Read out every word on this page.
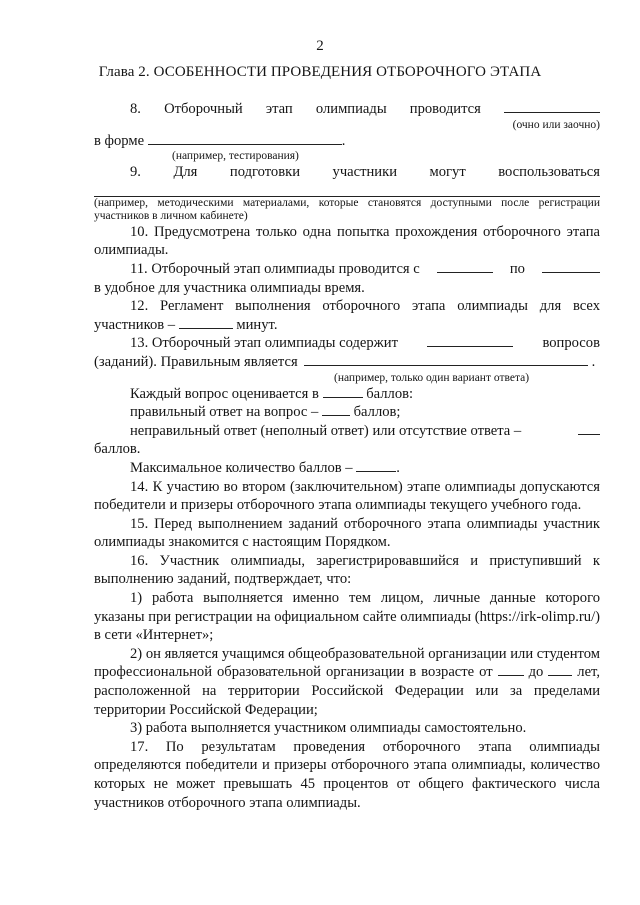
2
Глава 2. ОСОБЕННОСТИ ПРОВЕДЕНИЯ ОТБОРОЧНОГО ЭТАПА
8. Отборочный этап олимпиады проводится
(очно или заочно)
в форме	.
(например, тестирования)

9. Для подготовки участники могут воспользоваться

(например, методическими материалами, которые становятся доступными после регистрации участников в личном кабинете)

10. Предусмотрена только одна попытка прохождения отборочного этапа олимпиады.

11. Отборочный этап олимпиады проводится с	по
в удобное для участника олимпиады время.

12. Регламент выполнения отборочного этапа олимпиады для всех

участников –	минут.
13. Отборочный этап олимпиады содержит	вопросов
(заданий). Правильным является	.
(например, только один вариант ответа)
Каждый вопрос оценивается в	баллов:
правильный ответ на вопрос – баллов;
неправильный ответ (неполный ответ) или отсутствие ответа –
баллов.
Максимальное количество баллов –	.

14. К участию во втором (заключительном) этапе олимпиады допускаются победители и призеры отборочного этапа олимпиады текущего учебного года.

15. Перед выполнением заданий отборочного этапа олимпиады участник олимпиады знакомится с настоящим Порядком.

16. Участник олимпиады, зарегистрировавшийся и приступивший к выполнению заданий, подтверждает, что:

1) работа выполняется именно тем лицом, личные данные которого указаны при регистрации на официальном сайте олимпиады (https://irk-olimp.ru/) в сети «Интернет»;

2) он является учащимся общеобразовательной организации или студентом профессиональной образовательной организации в возрасте от до лет, расположенной на территории Российской Федерации или за пределами территории Российской Федерации;

3) работа выполняется участником олимпиады самостоятельно.

17. По результатам проведения отборочного этапа олимпиады определяются победители и призеры отборочного этапа олимпиады, количество которых не может превышать 45 процентов от общего фактического числа участников отборочного этапа олимпиады.
